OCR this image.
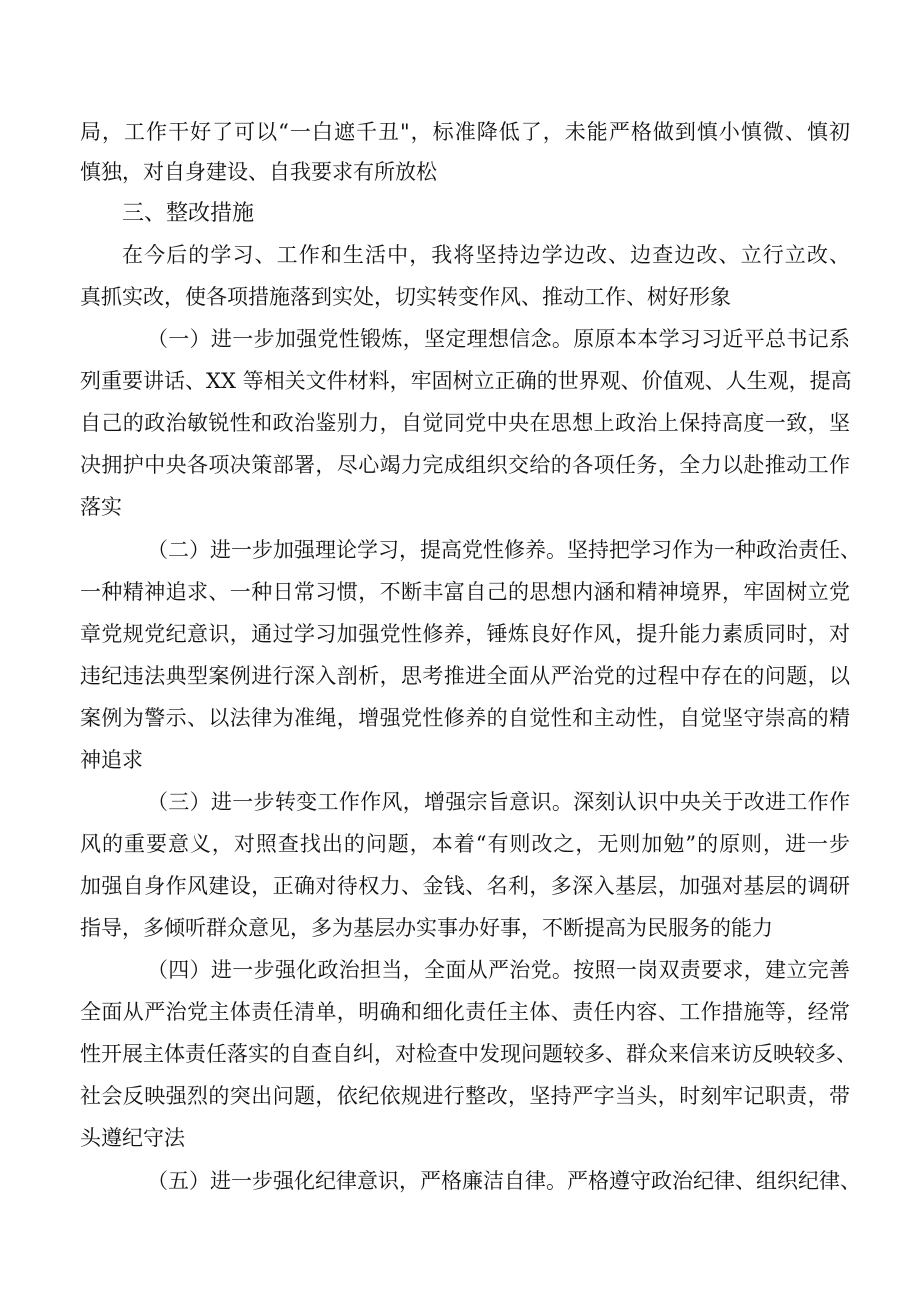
局，工作干好了可以“一白遮千丑"，标准降低了，未能严格做到慎小慎微、慎初
慎独，对自身建设、自我要求有所放松
三、整改措施
在今后的学习、工作和生活中，我将坚持边学边改、边查边改、立行立改、
真抓实改，使各项措施落到实处，切实转变作风、推动工作、树好形象
（一）进一步加强党性锻炼，坚定理想信念。原原本本学习习近平总书记系
列重要讲话、XX 等相关文件材料，牢固树立正确的世界观、价值观、人生观，提高
自己的政治敏锐性和政治鉴别力，自觉同党中央在思想上政治上保持高度一致，坚
决拥护中央各项决策部署，尽心竭力完成组织交给的各项任务，全力以赴推动工作
落实
（二）进一步加强理论学习，提高党性修养。坚持把学习作为一种政治责任、
一种精神追求、一种日常习惯，不断丰富自己的思想内涵和精神境界，牢固树立党
章党规党纪意识，通过学习加强党性修养，锤炼良好作风，提升能力素质同时，对
违纪违法典型案例进行深入剖析，思考推进全面从严治党的过程中存在的问题，以
案例为警示、以法律为准绳，增强党性修养的自觉性和主动性，自觉坚守崇高的精
神追求
（三）进一步转变工作作风，增强宗旨意识。深刻认识中央关于改进工作作
风的重要意义，对照查找出的问题，本着“有则改之，无则加勉”的原则，进一步
加强自身作风建设，正确对待权力、金钱、名利，多深入基层，加强对基层的调研
指导，多倾听群众意见，多为基层办实事办好事，不断提高为民服务的能力
（四）进一步强化政治担当，全面从严治党。按照一岗双责要求，建立完善
全面从严治党主体责任清单，明确和细化责任主体、责任内容、工作措施等，经常
性开展主体责任落实的自查自纠，对检查中发现问题较多、群众来信来访反映较多、
社会反映强烈的突出问题，依纪依规进行整改，坚持严字当头，时刻牢记职责，带
头遵纪守法
（五）进一步强化纪律意识，严格廉洁自律。严格遵守政治纪律、组织纪律、
